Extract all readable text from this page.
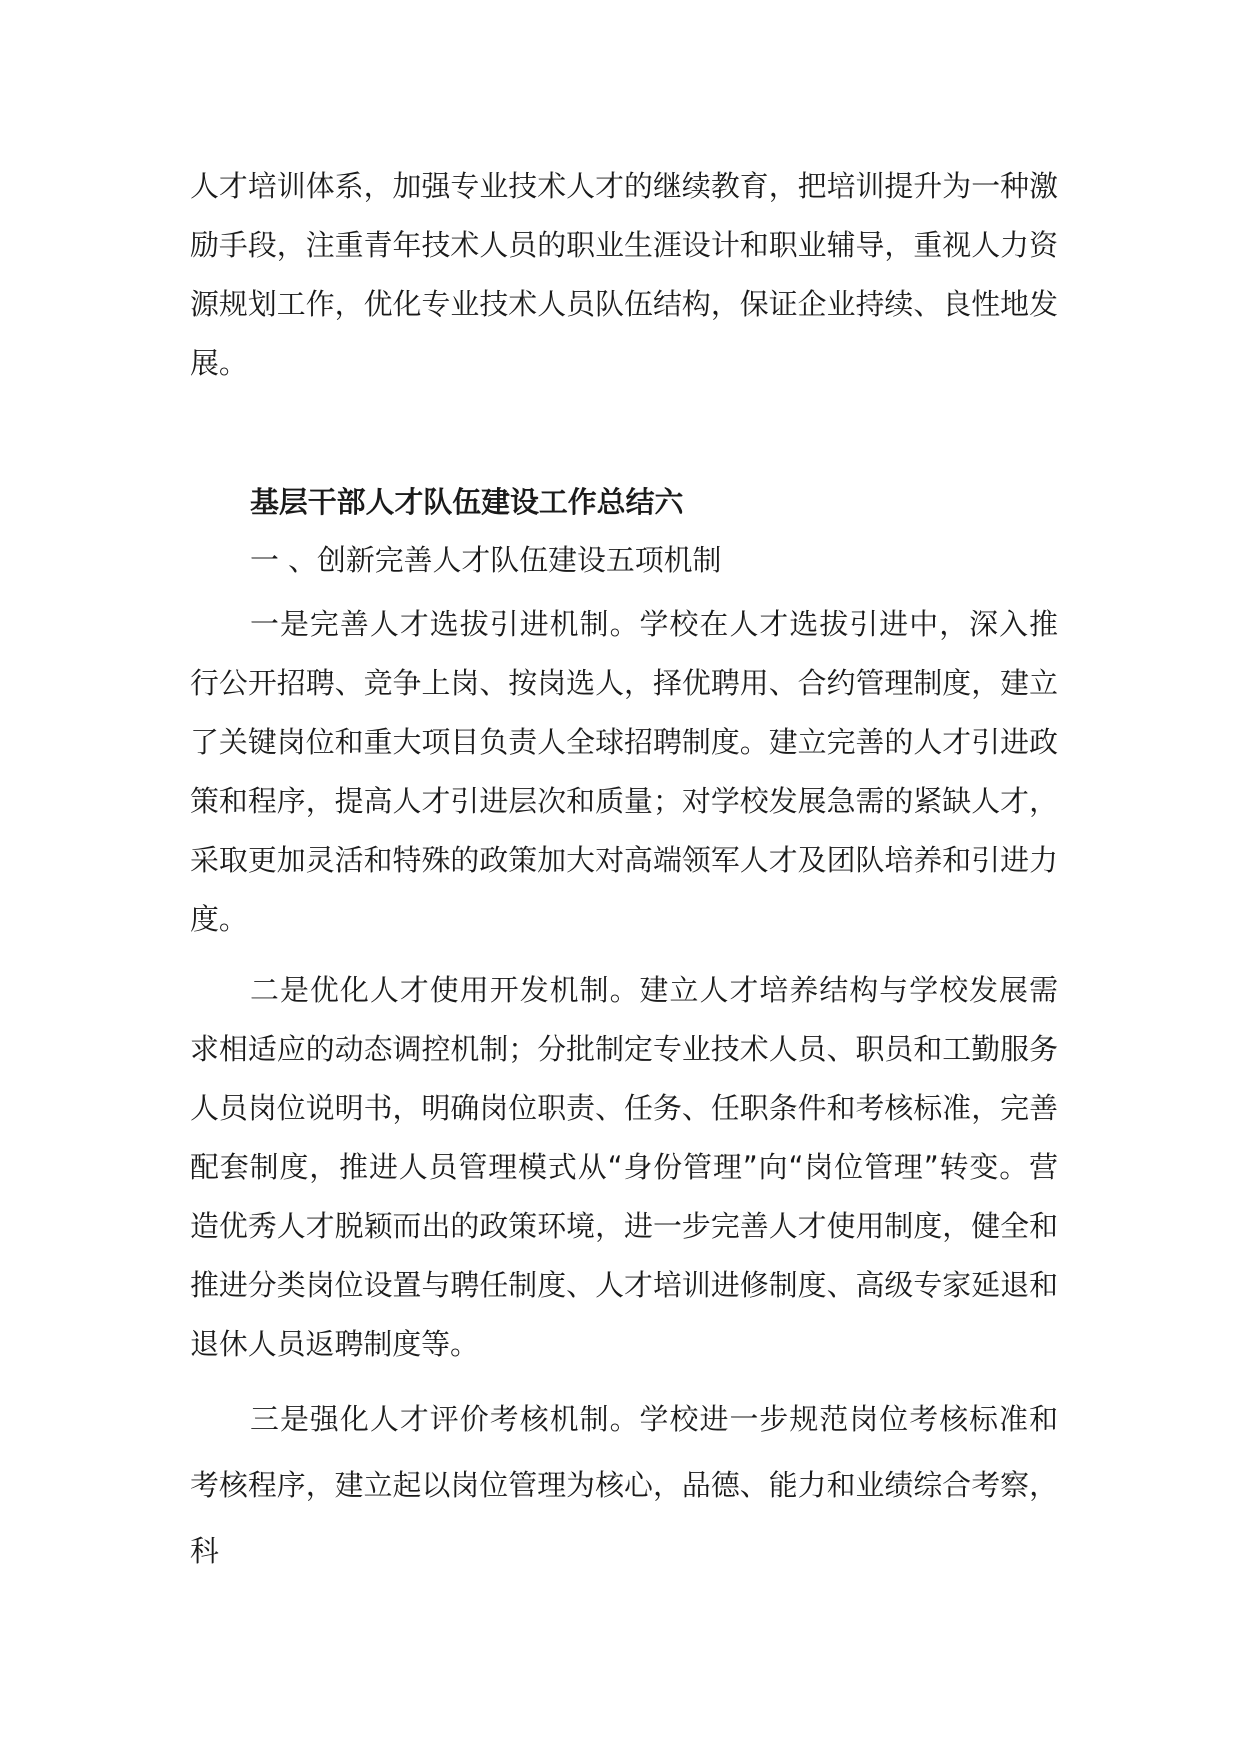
人才培训体系，加强专业技术人才的继续教育，把培训提升为一种激励手段，注重青年技术人员的职业生涯设计和职业辅导，重视人力资源规划工作，优化专业技术人员队伍结构，保证企业持续、良性地发展。

基层干部人才队伍建设工作总结六

一 、创新完善人才队伍建设五项机制

一是完善人才选拔引进机制。学校在人才选拔引进中，深入推行公开招聘、竞争上岗、按岗选人，择优聘用、合约管理制度，建立了关键岗位和重大项目负责人全球招聘制度。建立完善的人才引进政策和程序，提高人才引进层次和质量；对学校发展急需的紧缺人才，采取更加灵活和特殊的政策加大对高端领军人才及团队培养和引进力度。

二是优化人才使用开发机制。建立人才培养结构与学校发展需求相适应的动态调控机制；分批制定专业技术人员、职员和工勤服务人员岗位说明书，明确岗位职责、任务、任职条件和考核标准，完善配套制度，推进人员管理模式从“身份管理”向“岗位管理”转变。营造优秀人才脱颖而出的政策环境，进一步完善人才使用制度，健全和推进分类岗位设置与聘任制度、人才培训进修制度、高级专家延退和退休人员返聘制度等。

三是强化人才评价考核机制。学校进一步规范岗位考核标准和考核程序，建立起以岗位管理为核心，品德、能力和业绩综合考察，科
